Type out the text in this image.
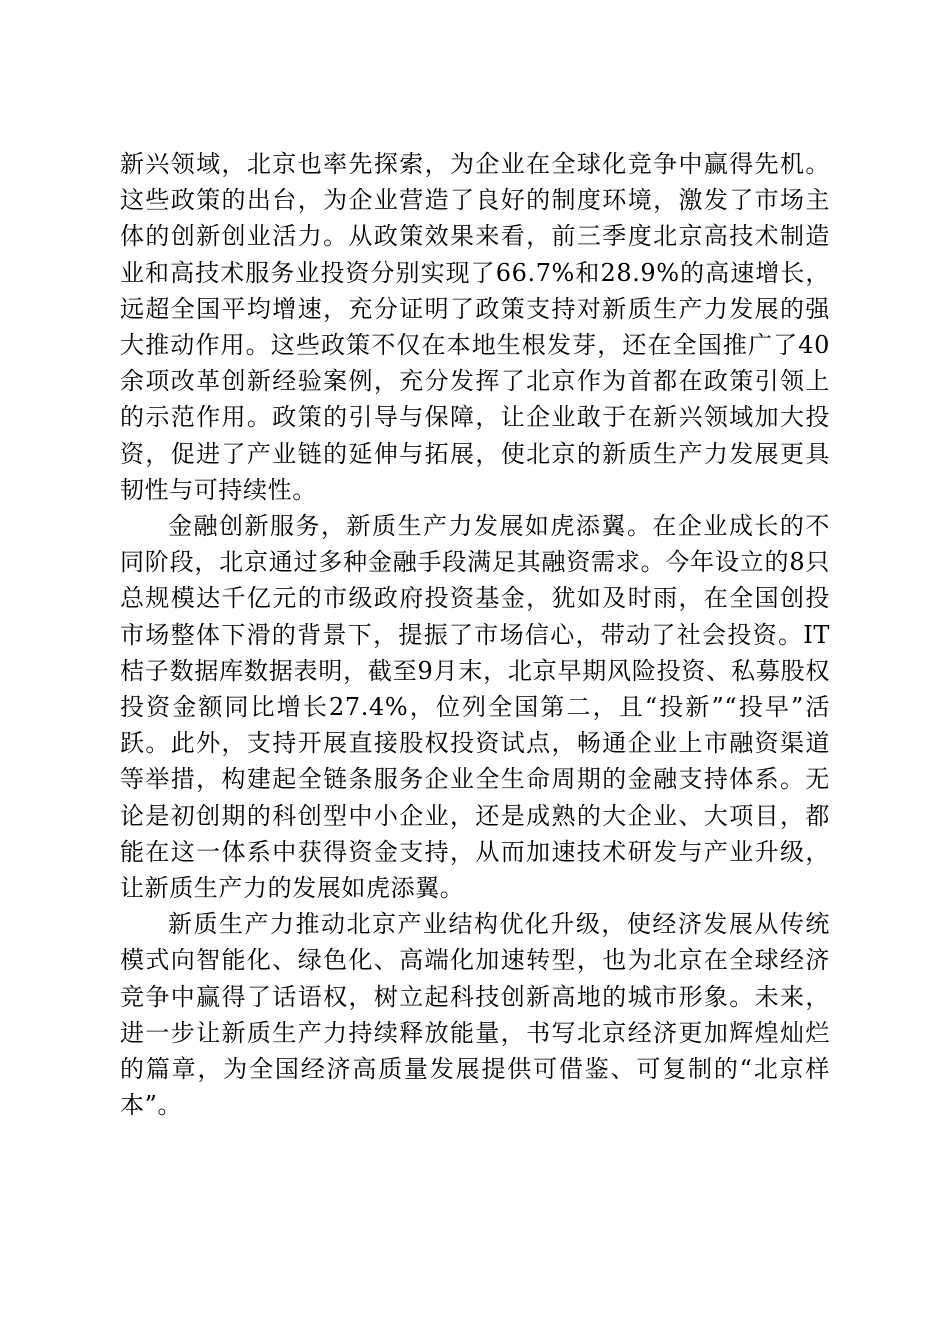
新兴领域，北京也率先探索，为企业在全球化竞争中赢得先机。这些政策的出台，为企业营造了良好的制度环境，激发了市场主体的创新创业活力。从政策效果来看，前三季度北京高技术制造业和高技术服务业投资分别实现了66.7%和28.9%的高速增长，远超全国平均增速，充分证明了政策支持对新质生产力发展的强大推动作用。这些政策不仅在本地生根发芽，还在全国推广了40余项改革创新经验案例，充分发挥了北京作为首都在政策引领上的示范作用。政策的引导与保障，让企业敢于在新兴领域加大投资，促进了产业链的延伸与拓展，使北京的新质生产力发展更具韧性与可持续性。

金融创新服务，新质生产力发展如虎添翼。在企业成长的不同阶段，北京通过多种金融手段满足其融资需求。今年设立的8只总规模达千亿元的市级政府投资基金，犹如及时雨，在全国创投市场整体下滑的背景下，提振了市场信心，带动了社会投资。IT桔子数据库数据表明，截至9月末，北京早期风险投资、私募股权投资金额同比增长27.4%，位列全国第二，且“投新”“投早”活跃。此外，支持开展直接股权投资试点，畅通企业上市融资渠道等举措，构建起全链条服务企业全生命周期的金融支持体系。无论是初创期的科创型中小企业，还是成熟的大企业、大项目，都能在这一体系中获得资金支持，从而加速技术研发与产业升级，让新质生产力的发展如虎添翼。

新质生产力推动北京产业结构优化升级，使经济发展从传统模式向智能化、绿色化、高端化加速转型，也为北京在全球经济竞争中赢得了话语权，树立起科技创新高地的城市形象。未来，进一步让新质生产力持续释放能量，书写北京经济更加辉煌灿烂的篇章，为全国经济高质量发展提供可借鉴、可复制的“北京样本”。
